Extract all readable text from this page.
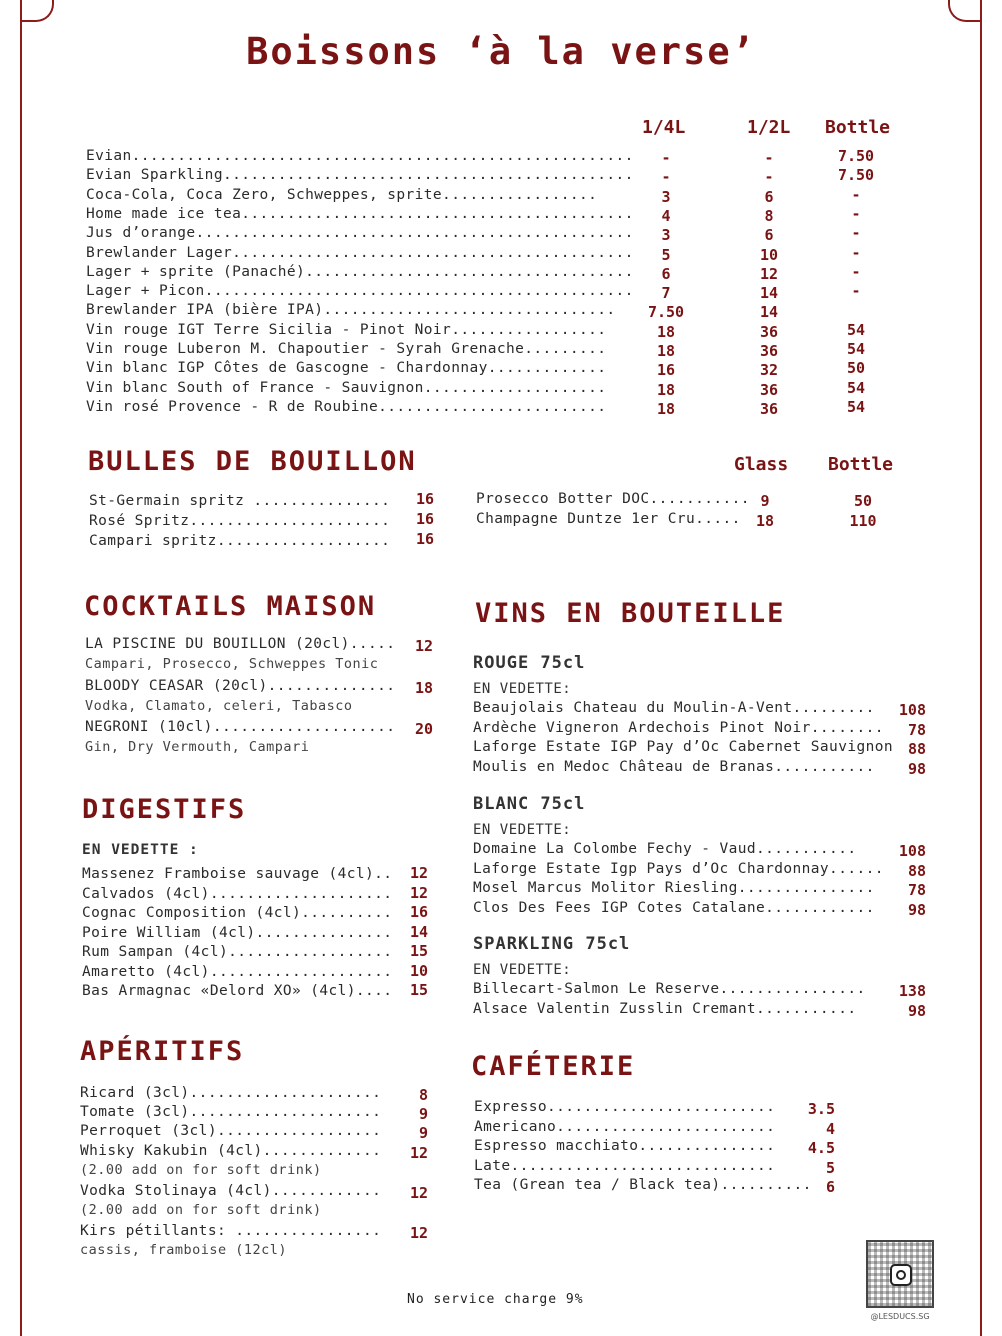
Boissons ‘à la verse’
1/4L	1/2L Bottle
Evian.......................................................	-	-	7.50
Evian Sparkling.............................................	-	-	7.50
Coca-Cola, Coca Zero, Schweppes, sprite.................	3	6	-
Home made ice tea...........................................	4	8	-
Jus d’orange................................................	3	6	-
Brewlander Lager............................................	5	10	-
Lager + sprite (Panaché)....................................	6	12	-
Lager + Picon...............................................	7	14	-
Brewlander IPA (bière IPA)................................	7.50	14
Vin rouge IGT Terre Sicilia - Pinot Noir.................	18	36	54
Vin rouge Luberon M. Chapoutier - Syrah Grenache.........	18	36	54
Vin blanc IGP Côtes de Gascogne - Chardonnay.............	16	32	50
Vin blanc South of France - Sauvignon....................	18	36	54
Vin rosé Provence - R de Roubine.........................	18	36	54
BULLES DE BOUILLON	Glass Bottle
St-Germain spritz ...............	16
Rosé Spritz......................	16
Campari spritz...................	16
Prosecco Botter DOC........... 9	50
Champagne Duntze 1er Cru.....	18	110
COCKTAILS MAISON
LA PISCINE DU BOUILLON (20cl).....	12
Campari, Prosecco, Schweppes Tonic
BLOODY CEASAR (20cl)..............	18
Vodka, Clamato, celeri, Tabasco
NEGRONI (10cl)....................	20
Gin, Dry Vermouth, Campari
DIGESTIFS
EN VEDETTE :
Massenez Framboise sauvage (4cl)..	12
Calvados (4cl)....................	12
Cognac Composition (4cl)..........	16
Poire William (4cl)...............	14
Rum Sampan (4cl)..................	15
Amaretto (4cl)....................	10
Bas Armagnac «Delord XO» (4cl)....	15
APÉRITIFS
Ricard (3cl).....................	8
Tomate (3cl).....................	9
Perroquet (3cl)..................	9
Whisky Kakubin (4cl).............	12
(2.00 add on for soft drink)
Vodka Stolinaya (4cl)............	12
(2.00 add on for soft drink)
Kirs pétillants: ................	12
cassis, framboise (12cl)
VINS EN BOUTEILLE
ROUGE 75cl
EN VEDETTE:
Beaujolais Chateau du Moulin-A-Vent.........	108
Ardèche Vigneron Ardechois Pinot Noir........	78
Laforge Estate IGP Pay d’Oc Cabernet Sauvignon 88
Moulis en Medoc Château de Branas...........	98
BLANC 75cl
EN VEDETTE:
Domaine La Colombe Fechy - Vaud...........	108
Laforge Estate Igp Pays d’Oc Chardonnay......	88
Mosel Marcus Molitor Riesling...............	78
Clos Des Fees IGP Cotes Catalane............	98
SPARKLING 75cl
EN VEDETTE:
Billecart-Salmon Le Reserve................	138
Alsace Valentin Zusslin Cremant...........	98
CAFÉTERIE
Expresso.........................	3.5
Americano........................	4
Espresso macchiato...............	4.5
Late.............................	5
Tea (Grean tea / Black tea).......... 6
No service charge 9%
@LESDUCS.SG
